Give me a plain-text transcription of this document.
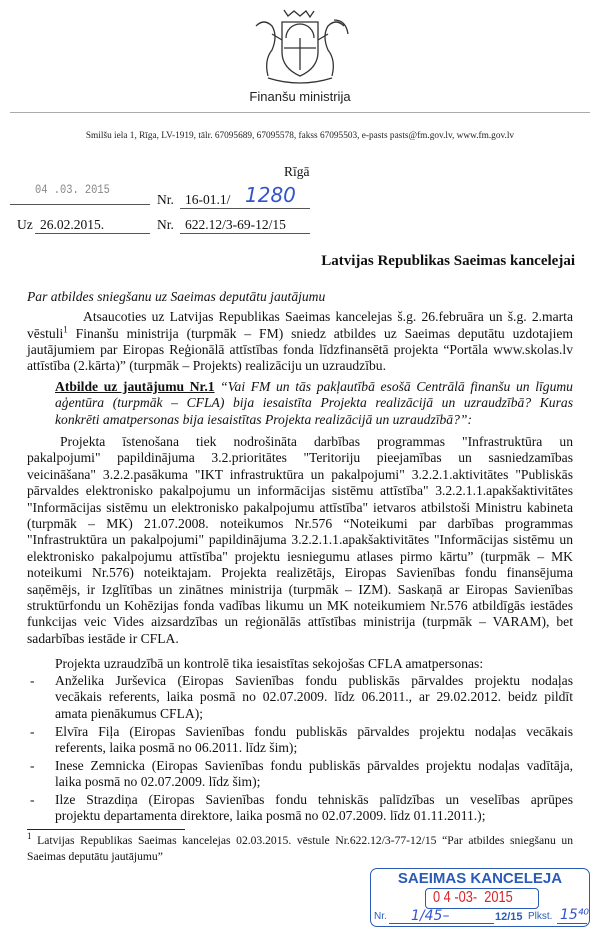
Finanšu ministrija
Smilšu iela 1, Rīga, LV-1919, tālr. 67095689, 67095578, fakss 67095503, e-pasts pasts@fm.gov.lv, www.fm.gov.lv
Rīgā
04 .03. 2015
Nr. 16-01.1/ 1280
Uz 26.02.2015.	Nr. 622.12/3-69-12/15
Latvijas Republikas Saeimas kancelejai
Par atbildes sniegšanu uz Saeimas deputātu jautājumu
Atsaucoties uz Latvijas Republikas Saeimas kancelejas š.g. 26.februāra un š.g. 2.marta
vēstuli$^1$ Finanšu ministrija (turpmāk – FM) sniedz atbildes uz Saeimas deputātu uzdotajiem
jautājumiem par Eiropas Reģionālā attīstības fonda līdzfinansētā projekta “Portāla www.skolas.lv
attīstība (2.kārta)” (turpmāk – Projekts) realizāciju un uzraudzību.
Atbilde uz jautājumu Nr.1 “Vai FM un tās pakļautībā esošā Centrālā finanšu un līgumu
aģentūra (turpmāk – CFLA) bija iesaistīta Projekta realizācijā un uzraudzībā? Kuras
konkrēti amatpersonas bija iesaistītas Projekta realizācijā un uzraudzībā?”:
Projekta īstenošana tiek nodrošināta darbības programmas "Infrastruktūra un
pakalpojumi" papildinājuma 3.2.prioritātes "Teritoriju pieejamības un sasniedzamības
veicināšana" 3.2.2.pasākuma "IKT infrastruktūra un pakalpojumi" 3.2.2.1.aktivitātes "Publiskās
pārvaldes elektronisko pakalpojumu un informācijas sistēmu attīstība" 3.2.2.1.1.apakšaktivitātes
"Informācijas sistēmu un elektronisko pakalpojumu attīstība" ietvaros atbilstoši Ministru kabineta
(turpmāk – MK) 21.07.2008. noteikumos Nr.576 “Noteikumi par darbības programmas
"Infrastruktūra un pakalpojumi" papildinājuma 3.2.2.1.1.apakšaktivitātes "Informācijas sistēmu un
elektronisko pakalpojumu attīstība" projektu iesniegumu atlases pirmo kārtu” (turpmāk – MK
noteikumi Nr.576) noteiktajam. Projekta realizētājs, Eiropas Savienības fondu finansējuma
saņēmējs, ir Izglītības un zinātnes ministrija (turpmāk – IZM). Saskaņā ar Eiropas Savienības
struktūrfondu un Kohēzijas fonda vadības likumu un MK noteikumiem Nr.576 atbildīgās iestādes
funkcijas veic Vides aizsardzības un reģionālās attīstības ministrija (turpmāk – VARAM), bet
sadarbības iestāde ir CFLA.
Projekta uzraudzībā un kontrolē tika iesaistītas sekojošas CFLA amatpersonas:
-	Anželika Jurševica (Eiropas Savienības fondu publiskās pārvaldes projektu nodaļas
vecākais referents, laika posmā no 02.07.2009. līdz 06.2011., ar 29.02.2012. beidz pildīt
amata pienākumus CFLA);
-	Elvīra Fiļa (Eiropas Savienības fondu publiskās pārvaldes projektu nodaļas vecākais
referents, laika posmā no 06.2011. līdz šim);
-	Inese Zemnicka (Eiropas Savienības fondu publiskās pārvaldes projektu nodaļas vadītāja,
laika posmā no 02.07.2009. līdz šim);
-	Ilze Strazdiņa (Eiropas Savienības fondu tehniskās palīdzības un veselības aprūpes
projektu departamenta direktore, laika posmā no 02.07.2009. līdz 01.11.2011.);
$^1$ Latvijas Republikas Saeimas kancelejas 02.03.2015. vēstule Nr.622.12/3-77-12/15 “Par atbildes sniegšanu un
Saeimas deputātu jautājumu”
SAEIMAS KANCELEJA
0 4 -03-  2015
Nr. 1/45–	12/15 Plkst. 15⁴⁰
